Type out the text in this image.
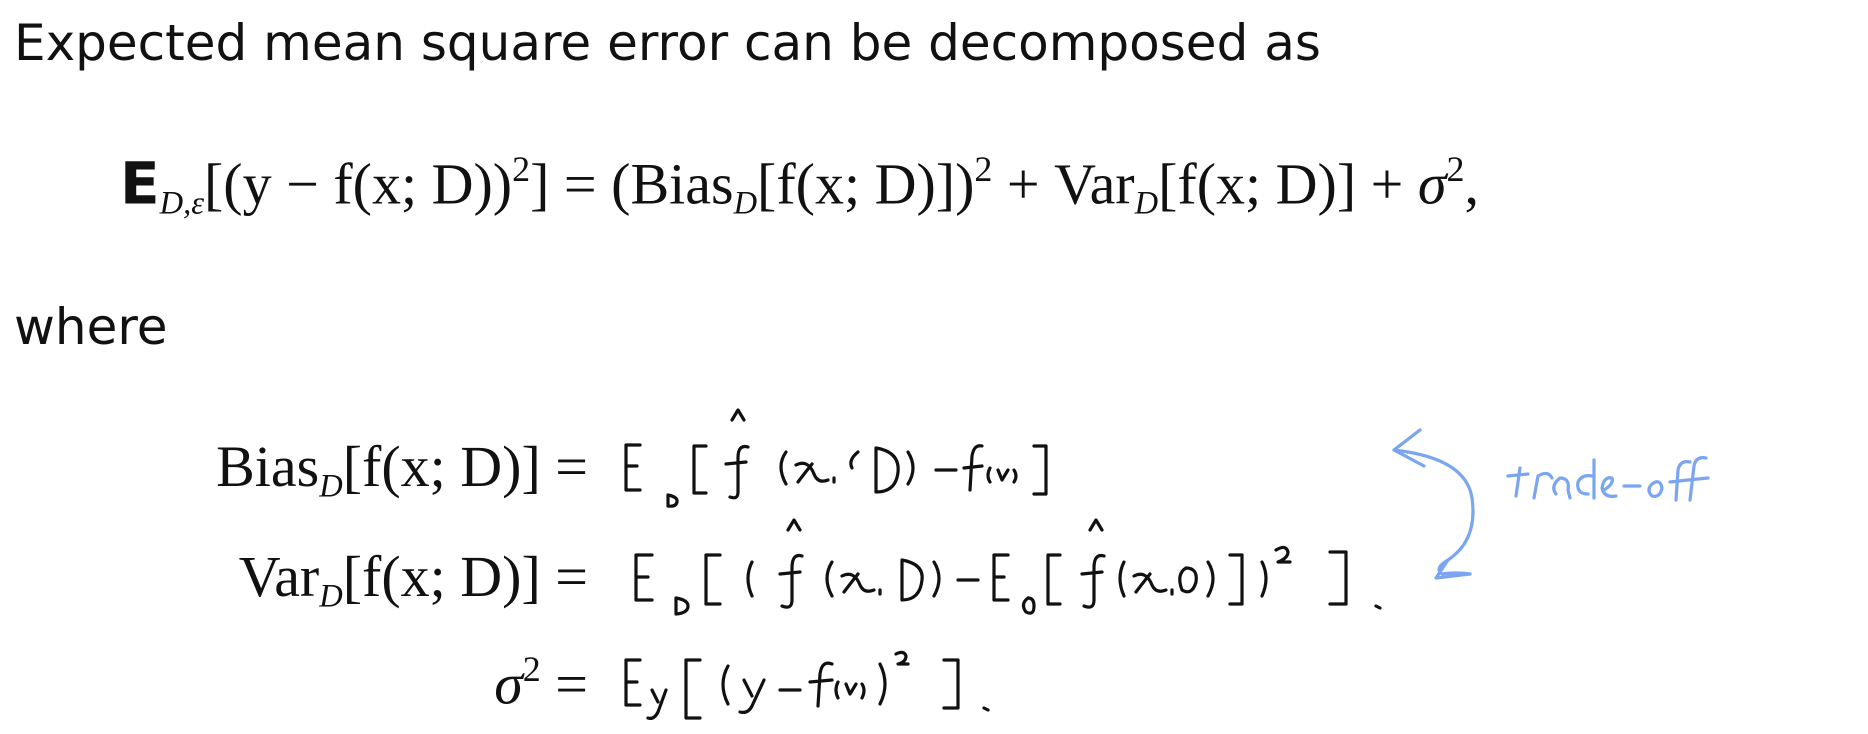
Expected mean square error can be decomposed as
$E_{D,\varepsilon}[(y - f(x$; D))$^2$] = (Bias$_D$[f(x; D)])$^2$ + Var$_D$[f(x; $D)] + \sigma^2$,
where
Bias$_D$[f(x; D)] =
Var$_D$[f(x; D)] =
$\sigma^2$ =
